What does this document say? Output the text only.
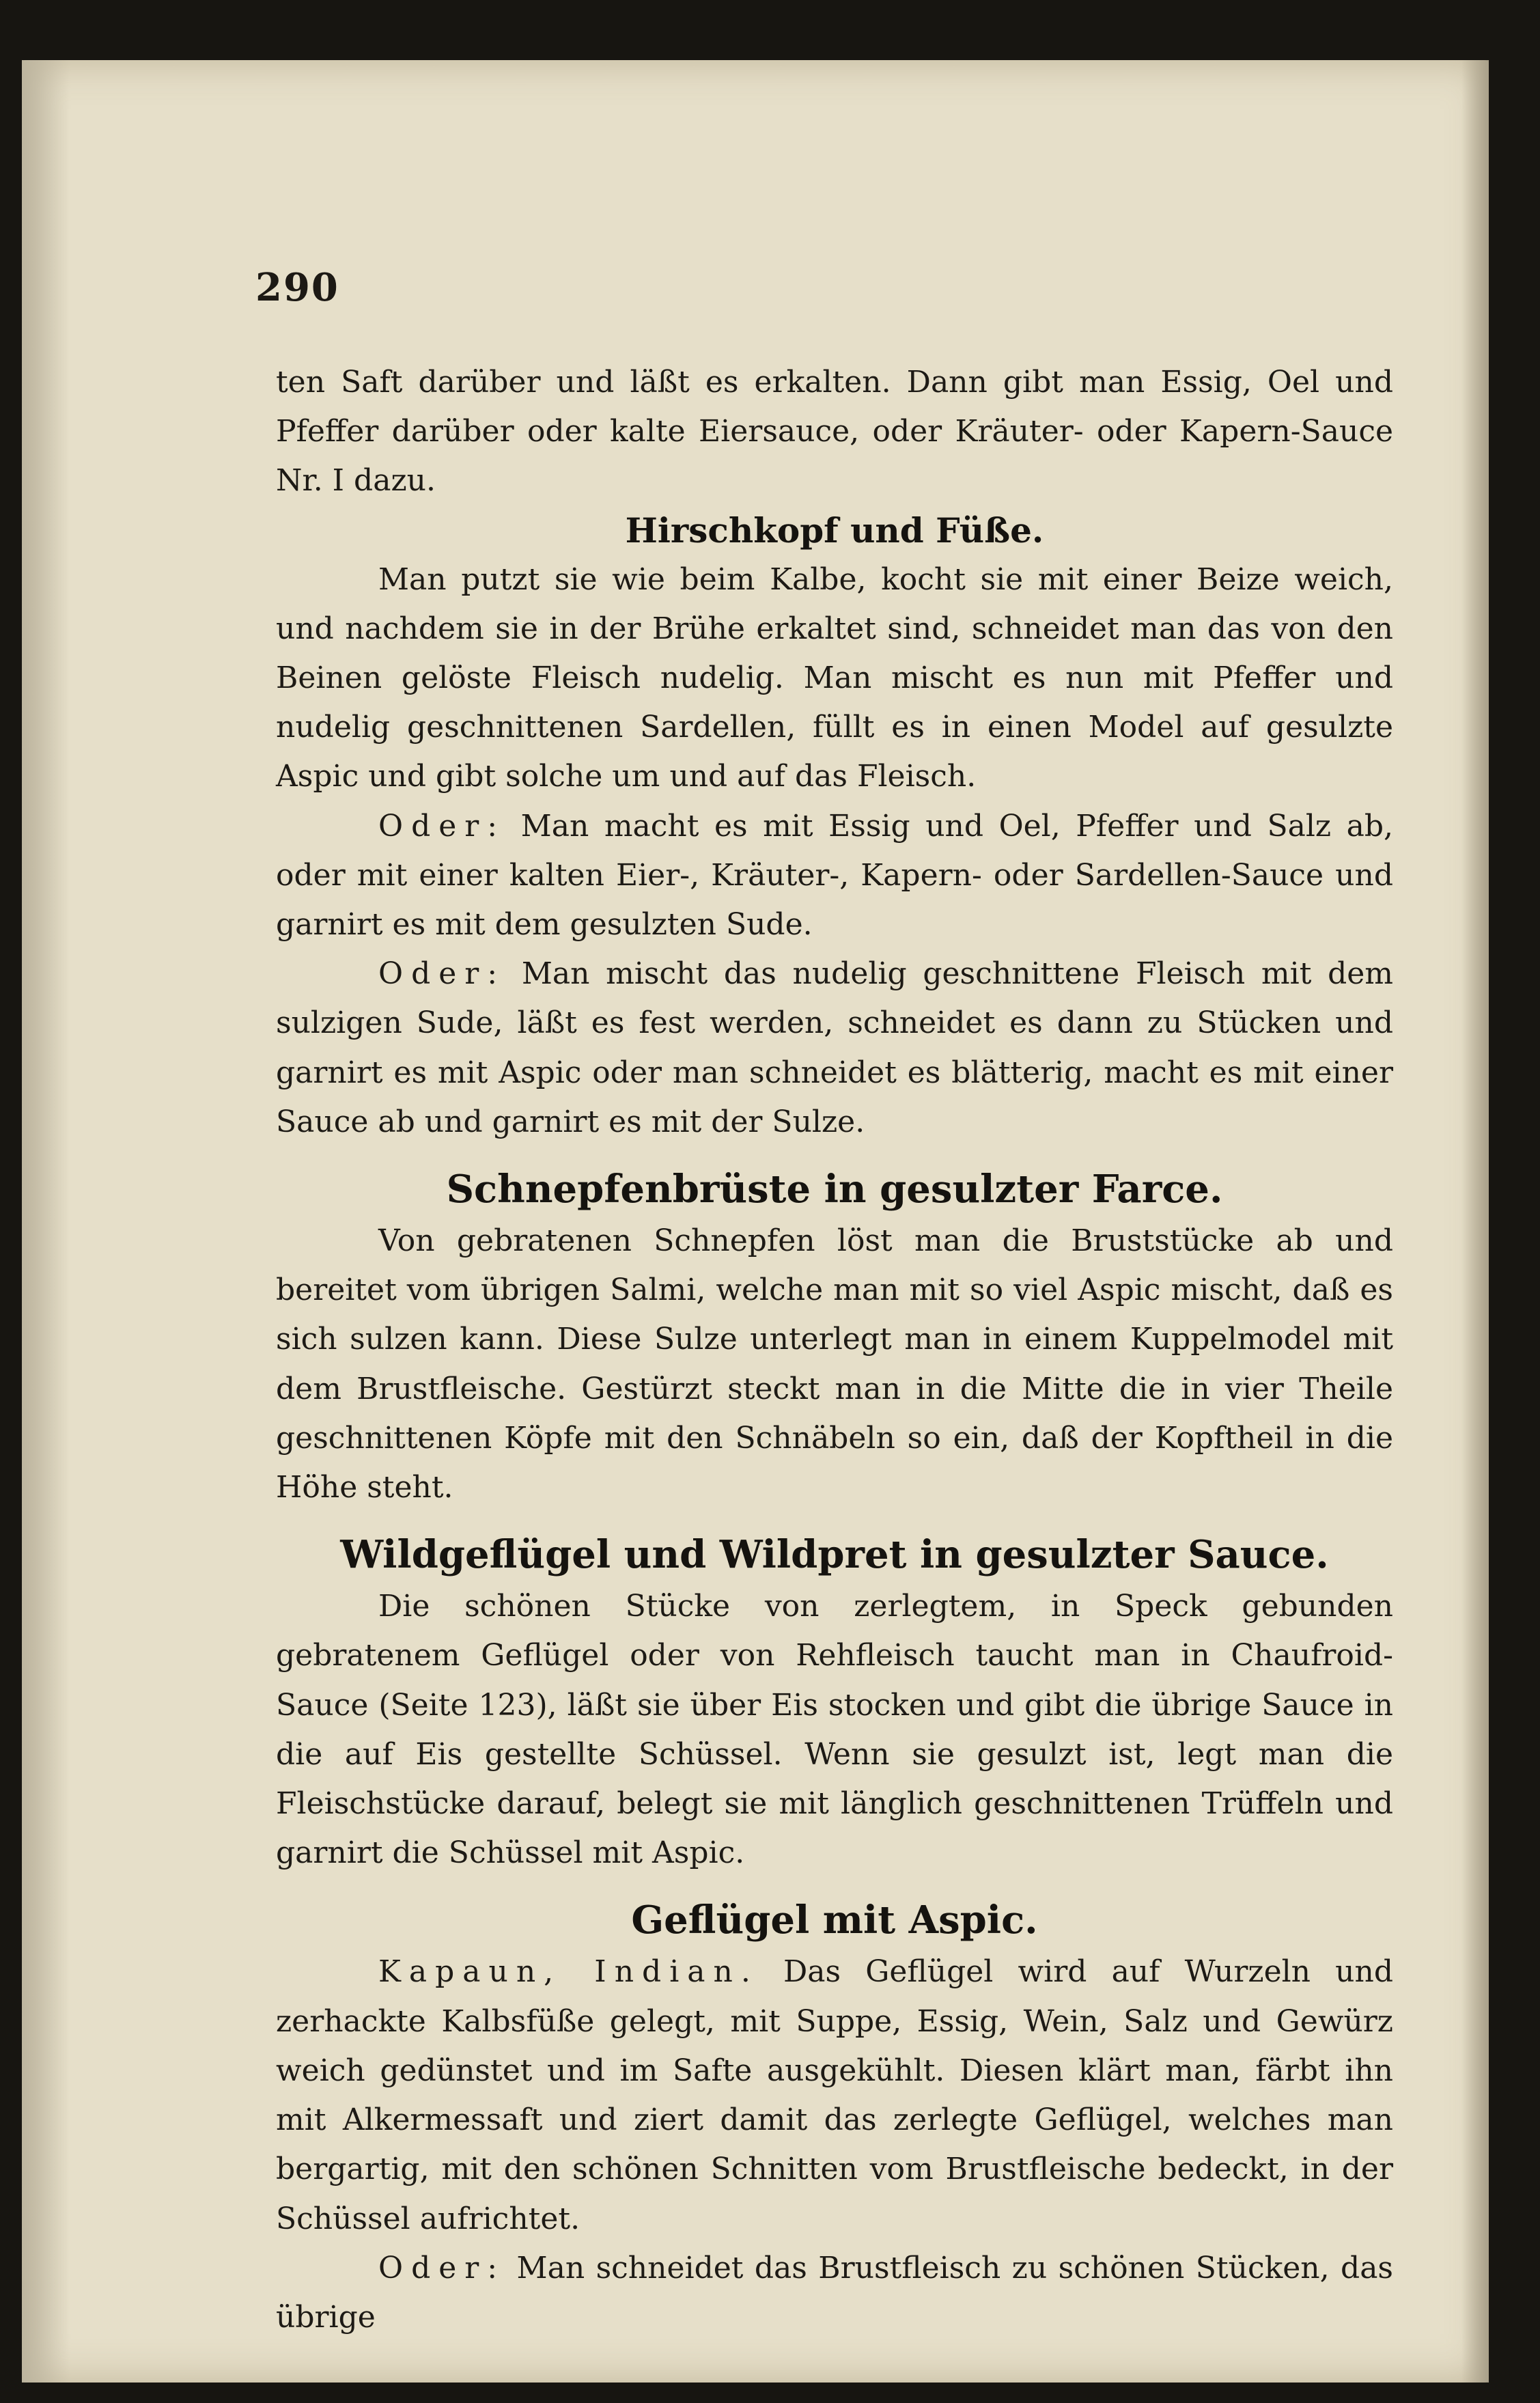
290

ten Saft darüber und läßt es erkalten. Dann gibt man Essig, Oel und Pfeffer darüber oder kalte Eiersauce, oder Kräuter- oder Kapern-Sauce Nr. I dazu.

Hirschkopf und Füße.

Man putzt sie wie beim Kalbe, kocht sie mit einer Beize weich, und nachdem sie in der Brühe erkaltet sind, schneidet man das von den Beinen gelöste Fleisch nudelig. Man mischt es nun mit Pfeffer und nudelig geschnittenen Sardellen, füllt es in einen Model auf gesulzte Aspic und gibt solche um und auf das Fleisch.

Oder: Man macht es mit Essig und Oel, Pfeffer und Salz ab, oder mit einer kalten Eier-, Kräuter-, Kapern- oder Sardellen-Sauce und garnirt es mit dem gesulzten Sude.

Oder: Man mischt das nudelig geschnittene Fleisch mit dem sulzigen Sude, läßt es fest werden, schneidet es dann zu Stücken und garnirt es mit Aspic oder man schneidet es blätterig, macht es mit einer Sauce ab und garnirt es mit der Sulze.

Schnepfenbrüste in gesulzter Farce.

Von gebratenen Schnepfen löst man die Bruststücke ab und bereitet vom übrigen Salmi, welche man mit so viel Aspic mischt, daß es sich sulzen kann. Diese Sulze unterlegt man in einem Kuppelmodel mit dem Brustfleische. Gestürzt steckt man in die Mitte die in vier Theile geschnittenen Köpfe mit den Schnäbeln so ein, daß der Kopftheil in die Höhe steht.

Wildgeflügel und Wildpret in gesulzter Sauce.

Die schönen Stücke von zerlegtem, in Speck gebunden gebratenem Geflügel oder von Rehfleisch taucht man in Chaufroid-Sauce (Seite 123), läßt sie über Eis stocken und gibt die übrige Sauce in die auf Eis gestellte Schüssel. Wenn sie gesulzt ist, legt man die Fleischstücke darauf, belegt sie mit länglich geschnittenen Trüffeln und garnirt die Schüssel mit Aspic.

Geflügel mit Aspic.

Kapaun, Indian. Das Geflügel wird auf Wurzeln und zerhackte Kalbsfüße gelegt, mit Suppe, Essig, Wein, Salz und Gewürz weich gedünstet und im Safte ausgekühlt. Diesen klärt man, färbt ihn mit Alkermessaft und ziert damit das zerlegte Geflügel, welches man bergartig, mit den schönen Schnitten vom Brustfleische bedeckt, in der Schüssel aufrichtet.

Oder: Man schneidet das Brustfleisch zu schönen Stücken, das übrige
